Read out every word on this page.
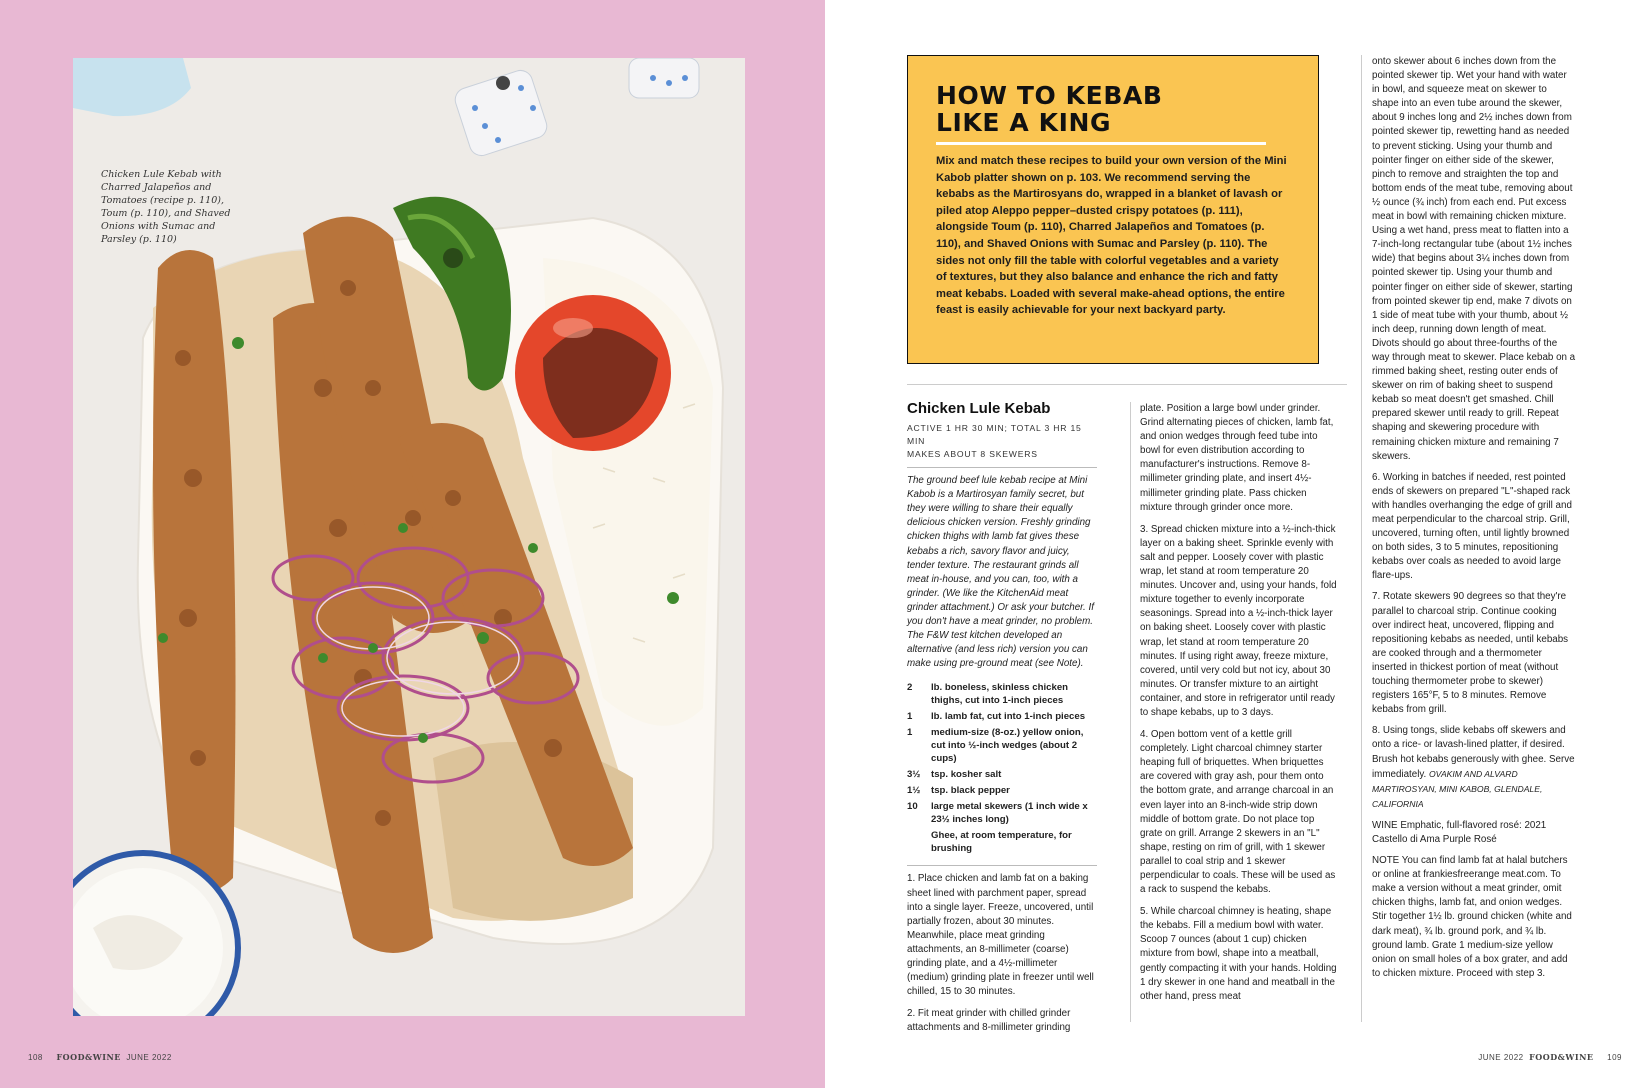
Chicken Lule Kebab with Charred Jalapeños and Tomatoes (recipe p. 110), Toum (p. 110), and Shaved Onions with Sumac and Parsley (p. 110)
108 FOOD&WINE JUNE 2022
HOW TO KEBAB
LIKE A KING

Mix and match these recipes to build your own version of the Mini Kabob platter shown on p. 103. We recommend serving the kebabs as the Martirosyans do, wrapped in a blanket of lavash or piled atop Aleppo pepper–dusted crispy potatoes (p. 111), alongside Toum (p. 110), Charred Jalapeños and Tomatoes (p. 110), and Shaved Onions with Sumac and Parsley (p. 110). The sides not only fill the table with colorful vegetables and a variety of textures, but they also balance and enhance the rich and fatty meat kebabs. Loaded with several make-ahead options, the entire feast is easily achievable for your next backyard party.

Chicken Lule Kebab
ACTIVE 1 HR 30 MIN; TOTAL 3 HR 15 MIN
MAKES ABOUT 8 SKEWERS

The ground beef lule kebab recipe at Mini Kabob is a Martirosyan family secret, but they were willing to share their equally delicious chicken version. Freshly grinding chicken thighs with lamb fat gives these kebabs a rich, savory flavor and juicy, tender texture. The restaurant grinds all meat in-house, and you can, too, with a grinder. (We like the KitchenAid meat grinder attachment.) Or ask your butcher. If you don't have a meat grinder, no problem. The F&W test kitchen developed an alternative (and less rich) version you can make using pre-ground meat (see Note).

2	lb. boneless, skinless chicken thighs, cut into 1-inch pieces
1	lb. lamb fat, cut into 1-inch pieces
1	medium-size (8-oz.) yellow onion, cut into ½-inch wedges (about 2 cups)
3½	tsp. kosher salt
1½	tsp. black pepper
10	large metal skewers (1 inch wide x 23½ inches long)
Ghee, at room temperature, for brushing

1. Place chicken and lamb fat on a baking sheet lined with parchment paper, spread into a single layer. Freeze, uncovered, until partially frozen, about 30 minutes. Meanwhile, place meat grinding attachments, an 8-millimeter (coarse) grinding plate, and a 4½-millimeter (medium) grinding plate in freezer until well chilled, 15 to 30 minutes.

2. Fit meat grinder with chilled grinder attachments and 8-millimeter grinding

plate. Position a large bowl under grinder. Grind alternating pieces of chicken, lamb fat, and onion wedges through feed tube into bowl for even distribution according to manufacturer's instructions. Remove 8-millimeter grinding plate, and insert 4½-millimeter grinding plate. Pass chicken mixture through grinder once more.

3. Spread chicken mixture into a ½-inch-thick layer on a baking sheet. Sprinkle evenly with salt and pepper. Loosely cover with plastic wrap, let stand at room temperature 20 minutes. Uncover and, using your hands, fold mixture together to evenly incorporate seasonings. Spread into a ½-inch-thick layer on baking sheet. Loosely cover with plastic wrap, let stand at room temperature 20 minutes. If using right away, freeze mixture, covered, until very cold but not icy, about 30 minutes. Or transfer mixture to an airtight container, and store in refrigerator until ready to shape kebabs, up to 3 days.

4. Open bottom vent of a kettle grill completely. Light charcoal chimney starter heaping full of briquettes. When briquettes are covered with gray ash, pour them onto the bottom grate, and arrange charcoal in an even layer into an 8-inch-wide strip down middle of bottom grate. Do not place top grate on grill. Arrange 2 skewers in an "L" shape, resting on rim of grill, with 1 skewer parallel to coal strip and 1 skewer perpendicular to coals. These will be used as a rack to suspend the kebabs.

5. While charcoal chimney is heating, shape the kebabs. Fill a medium bowl with water. Scoop 7 ounces (about 1 cup) chicken mixture from bowl, shape into a meatball, gently compacting it with your hands. Holding 1 dry skewer in one hand and meatball in the other hand, press meat

onto skewer about 6 inches down from the pointed skewer tip. Wet your hand with water in bowl, and squeeze meat on skewer to shape into an even tube around the skewer, about 9 inches long and 2½ inches down from pointed skewer tip, rewetting hand as needed to prevent sticking. Using your thumb and pointer finger on either side of the skewer, pinch to remove and straighten the top and bottom ends of the meat tube, removing about ½ ounce (¾ inch) from each end. Put excess meat in bowl with remaining chicken mixture. Using a wet hand, press meat to flatten into a 7-inch-long rectangular tube (about 1½ inches wide) that begins about 3¼ inches down from pointed skewer tip. Using your thumb and pointer finger on either side of skewer, starting from pointed skewer tip end, make 7 divots on 1 side of meat tube with your thumb, about ½ inch deep, running down length of meat. Divots should go about three-fourths of the way through meat to skewer. Place kebab on a rimmed baking sheet, resting outer ends of skewer on rim of baking sheet to suspend kebab so meat doesn't get smashed. Chill prepared skewer until ready to grill. Repeat shaping and skewering procedure with remaining chicken mixture and remaining 7 skewers.

6. Working in batches if needed, rest pointed ends of skewers on prepared "L"-shaped rack with handles overhanging the edge of grill and meat perpendicular to the charcoal strip. Grill, uncovered, turning often, until lightly browned on both sides, 3 to 5 minutes, repositioning kebabs over coals as needed to avoid large flare-ups.

7. Rotate skewers 90 degrees so that they're parallel to charcoal strip. Continue cooking over indirect heat, uncovered, flipping and repositioning kebabs as needed, until kebabs are cooked through and a thermometer inserted in thickest portion of meat (without touching thermometer probe to skewer) registers 165°F, 5 to 8 minutes. Remove kebabs from grill.

8. Using tongs, slide kebabs off skewers and onto a rice- or lavash-lined platter, if desired. Brush hot kebabs generously with ghee. Serve immediately. OVAKIM AND ALVARD MARTIROSYAN, MINI KABOB, GLENDALE, CALIFORNIA

WINE Emphatic, full-flavored rosé: 2021 Castello di Ama Purple Rosé

NOTE You can find lamb fat at halal butchers or online at frankiesfreerange meat.com. To make a version without a meat grinder, omit chicken thighs, lamb fat, and onion wedges. Stir together 1½ lb. ground chicken (white and dark meat), ¾ lb. ground pork, and ¾ lb. ground lamb. Grate 1 medium-size yellow onion on small holes of a box grater, and add to chicken mixture. Proceed with step 3.

JUNE 2022 FOOD&WINE 109
